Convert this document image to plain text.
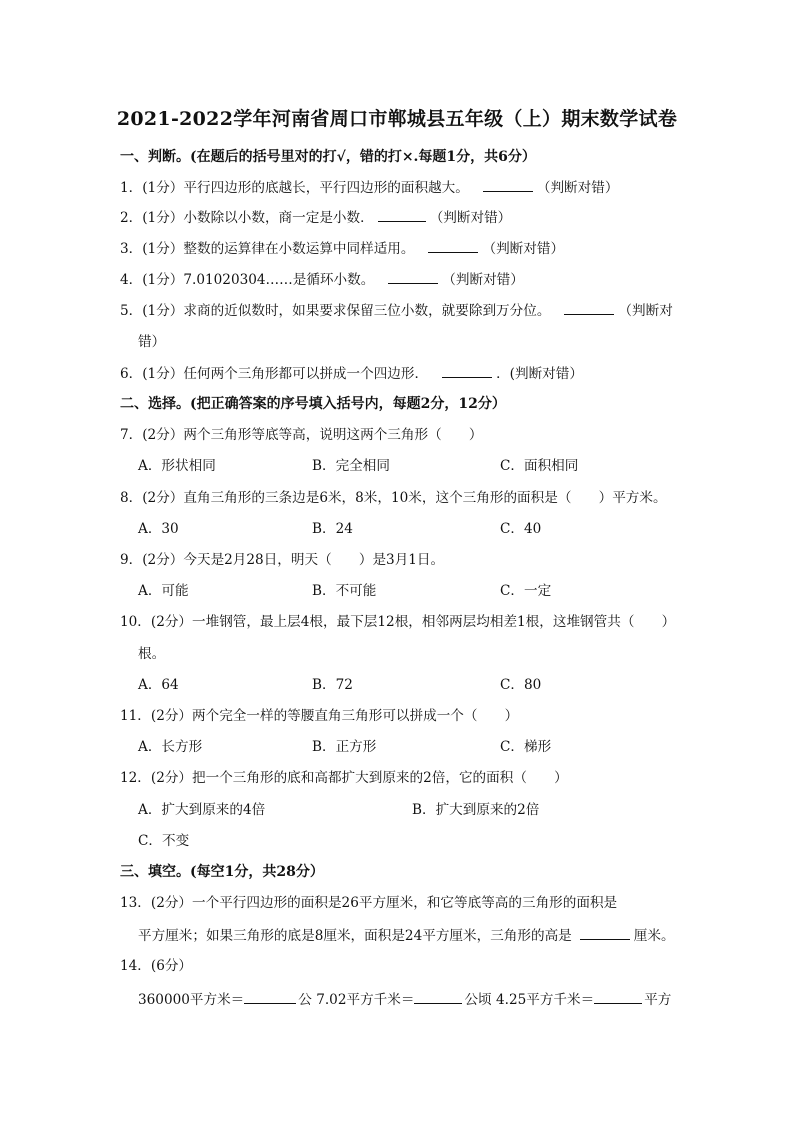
2021-2022学年河南省周口市郸城县五年级（上）期末数学试卷
一、判断。(在题后的括号里对的打√，错的打×.每题1分，共6分）
1．(1分）平行四边形的底越长，平行四边形的面积越大。	（判断对错）
2．(1分）小数除以小数，商一定是小数．	（判断对错）
3．(1分）整数的运算律在小数运算中同样适用。	（判断对错）
4．(1分）7.01020304……是循环小数。	（判断对错）
5．(1分）求商的近似数时，如果要求保留三位小数，就要除到万分位。	（判断对
错）
6．(1分）任何两个三角形都可以拼成一个四边形．	．(判断对错）
二、选择。(把正确答案的序号填入括号内，每题2分，12分）
7．(2分）两个三角形等底等高，说明这两个三角形（　　）
A．形状相同	B．完全相同	C．面积相同
8．(2分）直角三角形的三条边是6米，8米，10米，这个三角形的面积是（　　）平方米。
A．30	B．24	C．40
9．(2分）今天是2月28日，明天（　　）是3月1日。
A．可能	B．不可能	C．一定
10．(2分）一堆钢管，最上层4根，最下层12根，相邻两层均相差1根，这堆钢管共（　　）
根。
A．64	B．72	C．80
11．(2分）两个完全一样的等腰直角三角形可以拼成一个（　　）
A．长方形	B．正方形	C．梯形
12．(2分）把一个三角形的底和高都扩大到原来的2倍，它的面积（　　）
A．扩大到原来的4倍	B．扩大到原来的2倍
C．不变
三、填空。(每空1分，共28分）
13．(2分）一个平行四边形的面积是26平方厘米，和它等底等高的三角形的面积是
平方厘米；如果三角形的底是8厘米，面积是24平方厘米，三角形的高是	厘米。
14．(6分）
360000平方米＝	公 7.02平方千米＝	公顷 4.25平方千米＝	平方
